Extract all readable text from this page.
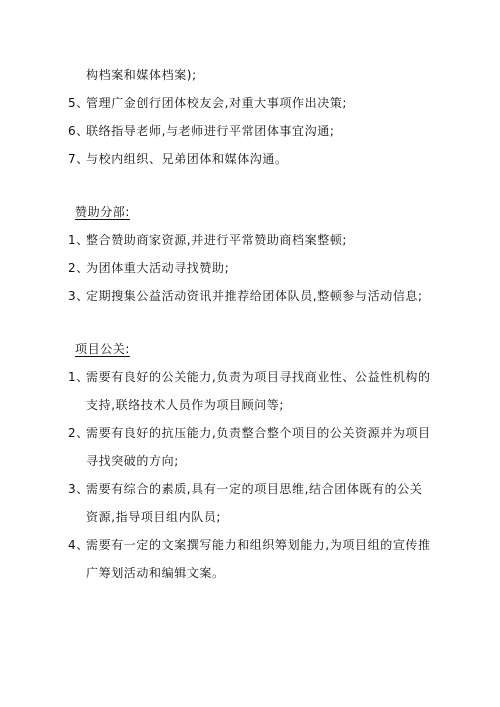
构档案和媒体档案);
5、管理广金创行团体校友会,对重大事项作出决策;
6、联络指导老师,与老师进行平常团体事宜沟通;
7、与校内组织、兄弟团体和媒体沟通。
赞助分部:
1、整合赞助商家资源,并进行平常赞助商档案整顿;
2、为团体重大活动寻找赞助;
3、定期搜集公益活动资讯并推荐给团体队员,整顿参与活动信息;
项目公关:
1、需要有良好的公关能力,负责为项目寻找商业性、公益性机构的
支持,联络技术人员作为项目顾问等;
2、需要有良好的抗压能力,负责整合整个项目的公关资源并为项目
寻找突破的方向;
3、需要有综合的素质,具有一定的项目思维,结合团体既有的公关
资源,指导项目组内队员;
4、需要有一定的文案撰写能力和组织筹划能力,为项目组的宣传推
广筹划活动和编辑文案。
